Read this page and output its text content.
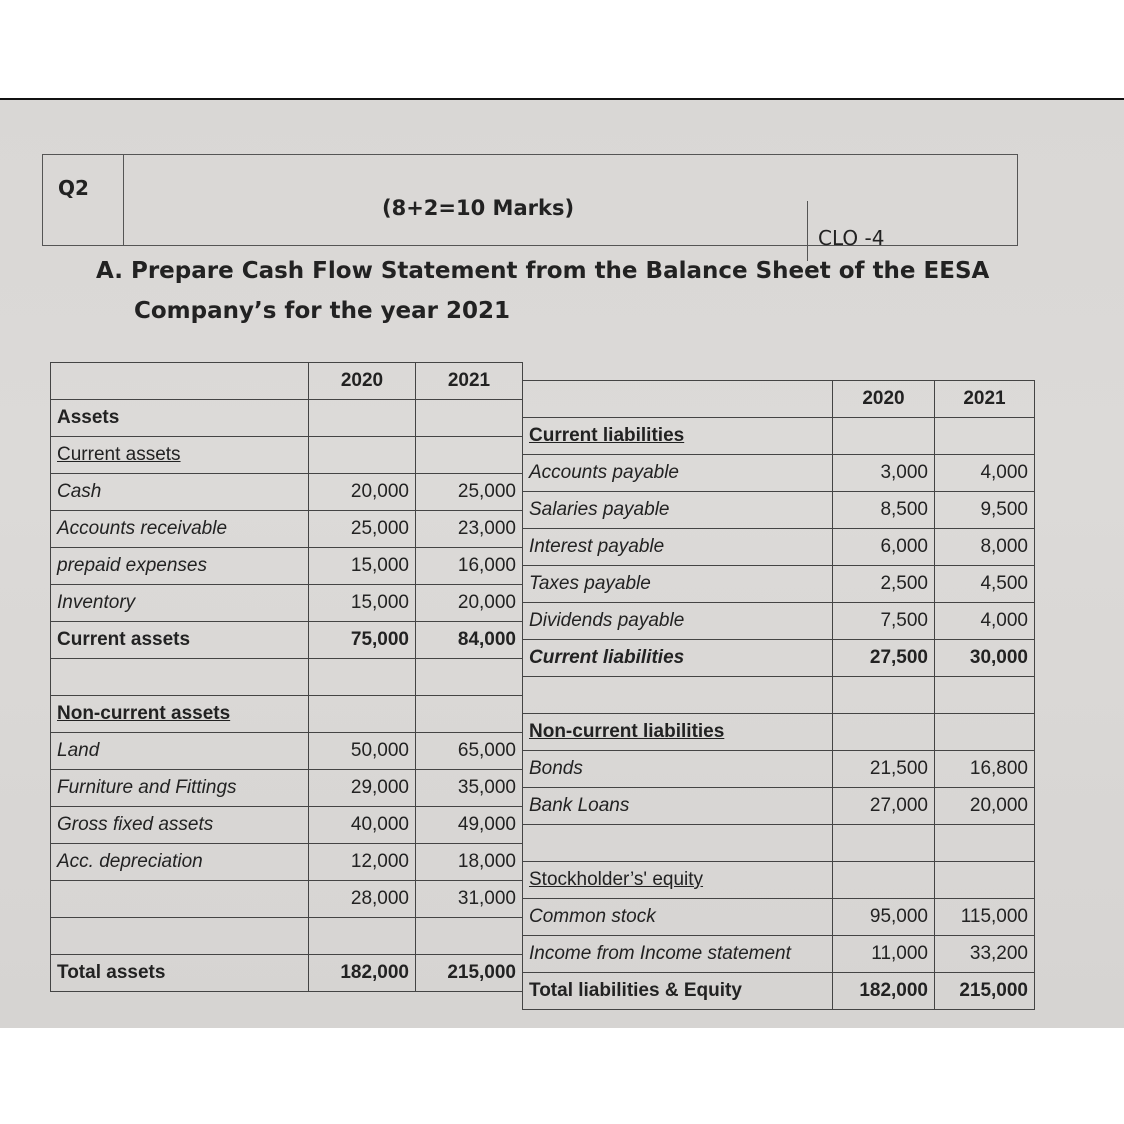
Q2
(8+2=10 Marks)
CLO -4
A. Prepare Cash Flow Statement from the Balance Sheet of the EESA
Company’s for the year 2021
	2020	2021
Assets		
Current assets		
Cash	20,000	25,000
Accounts receivable	25,000	23,000
prepaid expenses	15,000	16,000
Inventory	15,000	20,000
Current assets	75,000	84,000

Non-current assets		
Land	50,000	65,000
Furniture and Fittings	29,000	35,000
Gross fixed assets	40,000	49,000
Acc. depreciation	12,000	18,000
	28,000	31,000

Total assets	182,000	215,000
	2020	2021
Current liabilities		
Accounts payable	3,000	4,000
Salaries payable	8,500	9,500
Interest payable	6,000	8,000
Taxes payable	2,500	4,500
Dividends payable	7,500	4,000
Current liabilities	27,500	30,000

Non-current liabilities		
Bonds	21,500	16,800
Bank Loans	27,000	20,000

Stockholder’s' equity		
Common stock	95,000	115,000
Income from Income statement	11,000	33,200
Total liabilities & Equity	182,000	215,000
